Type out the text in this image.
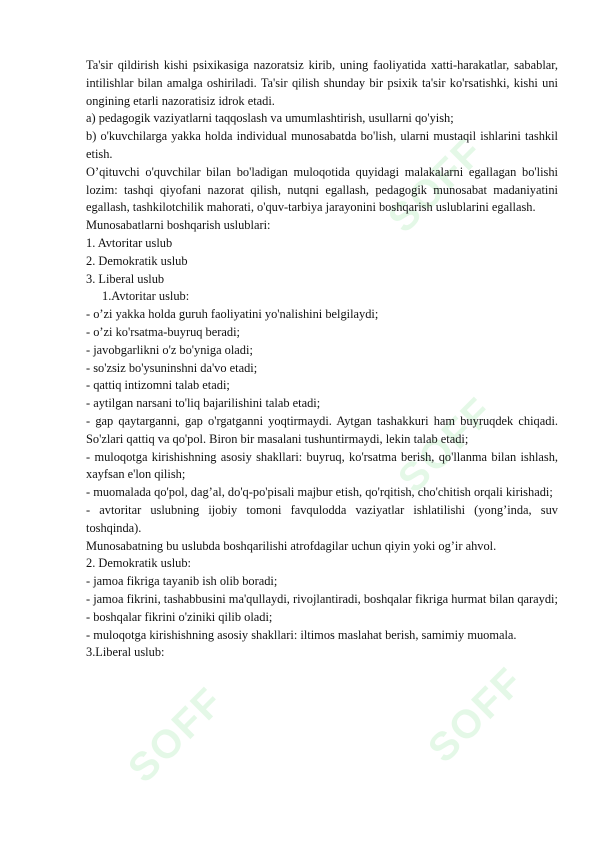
SOFF
SOFF
SOFF
SOFF

Ta'sir qildirish kishi psixikasiga nazoratsiz kirib, uning faoliyatida xatti-harakatlar, sabablar, intilishlar bilan amalga oshiriladi. Ta'sir qilish shunday bir psixik ta'sir ko'rsatishki, kishi uni ongining etarli nazoratisiz idrok etadi.

a) pedagogik vaziyatlarni taqqoslash va umumlashtirish, usullarni qo'yish;

b) o'kuvchilarga yakka holda individual munosabatda bo'lish, ularni mustaqil ishlarini tashkil etish.

O’qituvchi o'quvchilar bilan bo'ladigan muloqotida quyidagi malakalarni egallagan bo'lishi lozim: tashqi qiyofani nazorat qilish, nutqni egallash, pedagogik munosabat madaniyatini egallash, tashkilotchilik mahorati, o'quv-tarbiya jarayonini boshqarish uslublarini egallash.

Munosabatlarni boshqarish uslublari:

1. Avtoritar uslub

2. Demokratik uslub

3. Liberal uslub

1.Avtoritar uslub:

- o’zi yakka holda guruh faoliyatini yo'nalishini belgilaydi;

- o’zi ko'rsatma-buyruq beradi;

- javobgarlikni o'z bo'yniga oladi;

- so'zsiz bo'ysuninshni da'vo etadi;

- qattiq intizomni talab etadi;

- aytilgan narsani to'liq bajarilishini talab etadi;

- gap qaytarganni, gap o'rgatganni yoqtirmaydi. Aytgan tashakkuri ham buyruqdek chiqadi. So'zlari qattiq va qo'pol. Biron bir masalani tushuntirmaydi, lekin talab etadi;

- muloqotga kirishishning asosiy shakllari: buyruq, ko'rsatma berish, qo'llanma bilan ishlash, xayfsan e'lon qilish;

- muomalada qo'pol, dag’al, do'q-po'pisali majbur etish, qo'rqitish, cho'chitish orqali kirishadi;

- avtoritar uslubning ijobiy tomoni favqulodda vaziyatlar ishlatilishi (yong’inda, suv toshqinda).

Munosabatning bu uslubda boshqarilishi atrofdagilar uchun qiyin yoki og’ir ahvol.

2. Demokratik uslub:

- jamoa fikriga tayanib ish olib boradi;

- jamoa fikrini, tashabbusini ma'qullaydi, rivojlantiradi, boshqalar fikriga hurmat bilan qaraydi;

- boshqalar fikrini o'ziniki qilib oladi;

- muloqotga kirishishning asosiy shakllari: iltimos maslahat berish, samimiy muomala.

3.Liberal uslub:
